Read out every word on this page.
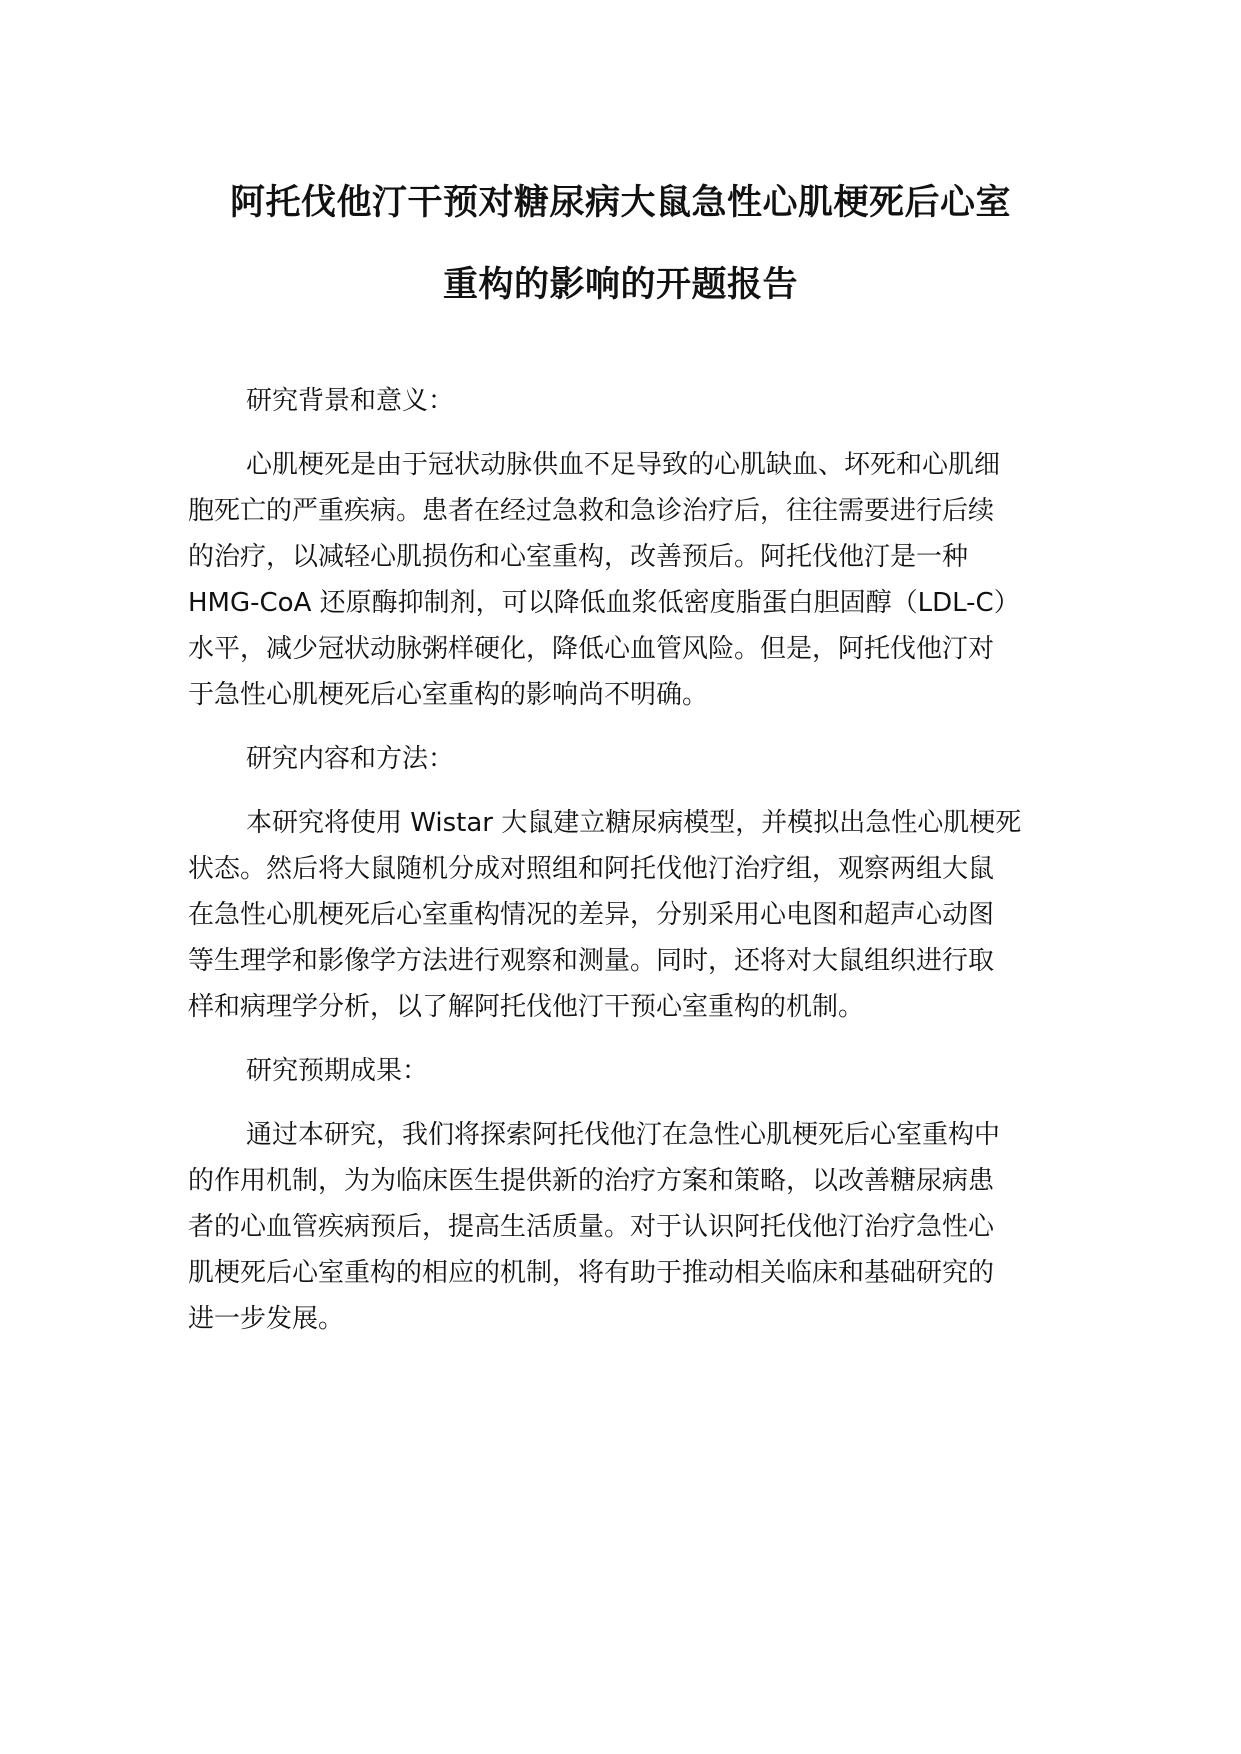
阿托伐他汀干预对糖尿病大鼠急性心肌梗死后心室
重构的影响的开题报告

研究背景和意义：

心肌梗死是由于冠状动脉供血不足导致的心肌缺血、坏死和心肌细
胞死亡的严重疾病。患者在经过急救和急诊治疗后，往往需要进行后续
的治疗，以减轻心肌损伤和心室重构，改善预后。阿托伐他汀是一种
HMG-CoA 还原酶抑制剂，可以降低血浆低密度脂蛋白胆固醇（LDL-C）
水平，减少冠状动脉粥样硬化，降低心血管风险。但是，阿托伐他汀对
于急性心肌梗死后心室重构的影响尚不明确。

研究内容和方法：

本研究将使用 Wistar 大鼠建立糖尿病模型，并模拟出急性心肌梗死
状态。然后将大鼠随机分成对照组和阿托伐他汀治疗组，观察两组大鼠
在急性心肌梗死后心室重构情况的差异，分别采用心电图和超声心动图
等生理学和影像学方法进行观察和测量。同时，还将对大鼠组织进行取
样和病理学分析，以了解阿托伐他汀干预心室重构的机制。

研究预期成果：

通过本研究，我们将探索阿托伐他汀在急性心肌梗死后心室重构中
的作用机制，为为临床医生提供新的治疗方案和策略，以改善糖尿病患
者的心血管疾病预后，提高生活质量。对于认识阿托伐他汀治疗急性心
肌梗死后心室重构的相应的机制，将有助于推动相关临床和基础研究的
进一步发展。
